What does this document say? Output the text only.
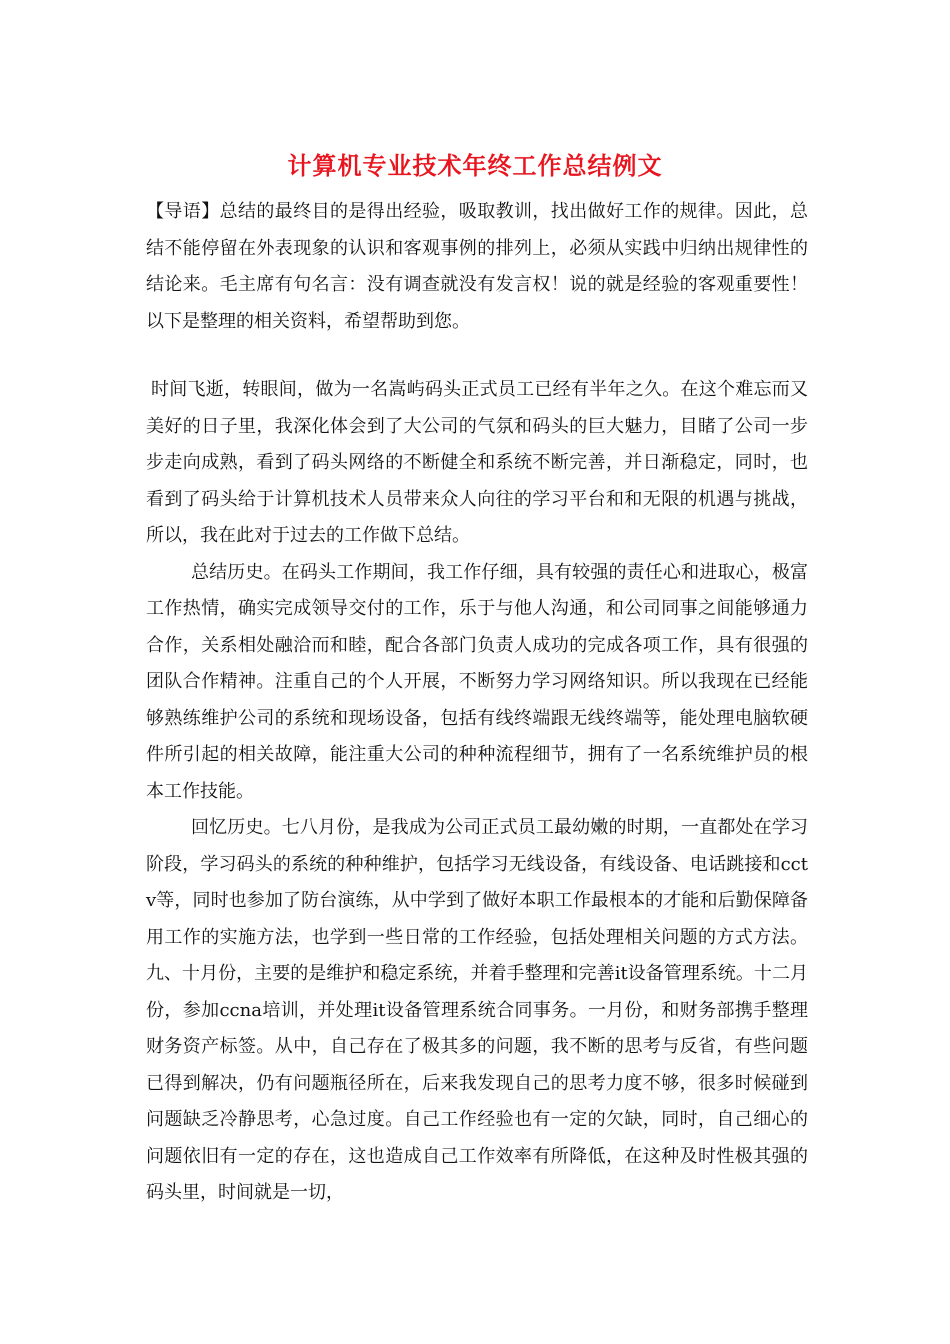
计算机专业技术年终工作总结例文

【导语】总结的最终目的是得出经验，吸取教训，找出做好工作的规律。因此，总结不能停留在外表现象的认识和客观事例的排列上，必须从实践中归纳出规律性的结论来。毛主席有句名言：没有调查就没有发言权！说的就是经验的客观重要性！以下是整理的相关资料，希望帮助到您。

时间飞逝，转眼间，做为一名嵩屿码头正式员工已经有半年之久。在这个难忘而又美好的日子里，我深化体会到了大公司的气氛和码头的巨大魅力，目睹了公司一步步走向成熟，看到了码头网络的不断健全和系统不断完善，并日渐稳定，同时，也看到了码头给于计算机技术人员带来众人向往的学习平台和和无限的机遇与挑战，所以，我在此对于过去的工作做下总结。

总结历史。在码头工作期间，我工作仔细，具有较强的责任心和进取心，极富工作热情，确实完成领导交付的工作，乐于与他人沟通，和公司同事之间能够通力合作，关系相处融洽而和睦，配合各部门负责人成功的完成各项工作，具有很强的团队合作精神。注重自己的个人开展，不断努力学习网络知识。所以我现在已经能够熟练维护公司的系统和现场设备，包括有线终端跟无线终端等，能处理电脑软硬件所引起的相关故障，能注重大公司的种种流程细节，拥有了一名系统维护员的根本工作技能。

回忆历史。七八月份，是我成为公司正式员工最幼嫩的时期，一直都处在学习阶段，学习码头的系统的种种维护，包括学习无线设备，有线设备、电话跳接和cctv等，同时也参加了防台演练，从中学到了做好本职工作最根本的才能和后勤保障备用工作的实施方法，也学到一些日常的工作经验，包括处理相关问题的方式方法。九、十月份，主要的是维护和稳定系统，并着手整理和完善it设备管理系统。十二月份，参加ccna培训，并处理it设备管理系统合同事务。一月份，和财务部携手整理财务资产标签。从中，自己存在了极其多的问题，我不断的思考与反省，有些问题已得到解决，仍有问题瓶径所在，后来我发现自己的思考力度不够，很多时候碰到问题缺乏冷静思考，心急过度。自己工作经验也有一定的欠缺，同时，自己细心的问题依旧有一定的存在，这也造成自己工作效率有所降低，在这种及时性极其强的码头里，时间就是一切，
